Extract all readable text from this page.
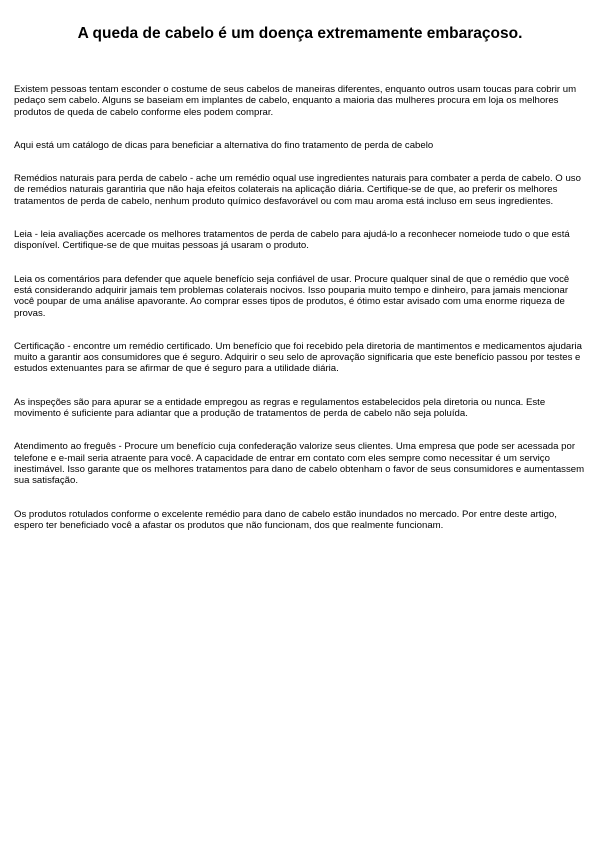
A queda de cabelo é um doença extremamente embaraçoso.

Existem pessoas tentam esconder o costume de seus cabelos de maneiras diferentes, enquanto outros usam toucas para cobrir um pedaço sem cabelo. Alguns se baseiam em implantes de cabelo, enquanto a maioria das mulheres procura em loja os melhores produtos de queda de cabelo conforme eles podem comprar.

Aqui está um catálogo de dicas para beneficiar a alternativa do fino tratamento de perda de cabelo

Remédios naturais para perda de cabelo - ache um remédio oqual use ingredientes naturais para combater a perda de cabelo. O uso de remédios naturais garantiria que não haja efeitos colaterais na aplicação diária. Certifique-se de que, ao preferir os melhores tratamentos de perda de cabelo, nenhum produto químico desfavorável ou com mau aroma está incluso em seus ingredientes.

Leia - leia avaliações acercade os melhores tratamentos de perda de cabelo para ajudá-lo a reconhecer nomeiode tudo o que está disponível. Certifique-se de que muitas pessoas já usaram o produto.

Leia os comentários para defender que aquele benefício seja confiável de usar. Procure qualquer sinal de que o remédio que você está considerando adquirir jamais tem problemas colaterais nocivos. Isso pouparia muito tempo e dinheiro, para jamais mencionar você poupar de uma análise apavorante. Ao comprar esses tipos de produtos, é ótimo estar avisado com uma enorme riqueza de provas.

Certificação - encontre um remédio certificado. Um benefício que foi recebido pela diretoria de mantimentos e medicamentos ajudaria muito a garantir aos consumidores que é seguro. Adquirir o seu selo de aprovação significaria que este benefício passou por testes e estudos extenuantes para se afirmar de que é seguro para a utilidade diária.

As inspeções são para apurar se a entidade empregou as regras e regulamentos estabelecidos pela diretoria ou nunca. Este movimento é suficiente para adiantar que a produção de tratamentos de perda de cabelo não seja poluída.

Atendimento ao freguês - Procure um benefício cuja confederação valorize seus clientes. Uma empresa que pode ser acessada por telefone e e-mail seria atraente para você. A capacidade de entrar em contato com eles sempre como necessitar é um serviço inestimável. Isso garante que os melhores tratamentos para dano de cabelo obtenham o favor de seus consumidores e aumentassem sua satisfação.

Os produtos rotulados conforme o excelente remédio para dano de cabelo estão inundados no mercado. Por entre deste artigo, espero ter beneficiado você a afastar os produtos que não funcionam, dos que realmente funcionam.
